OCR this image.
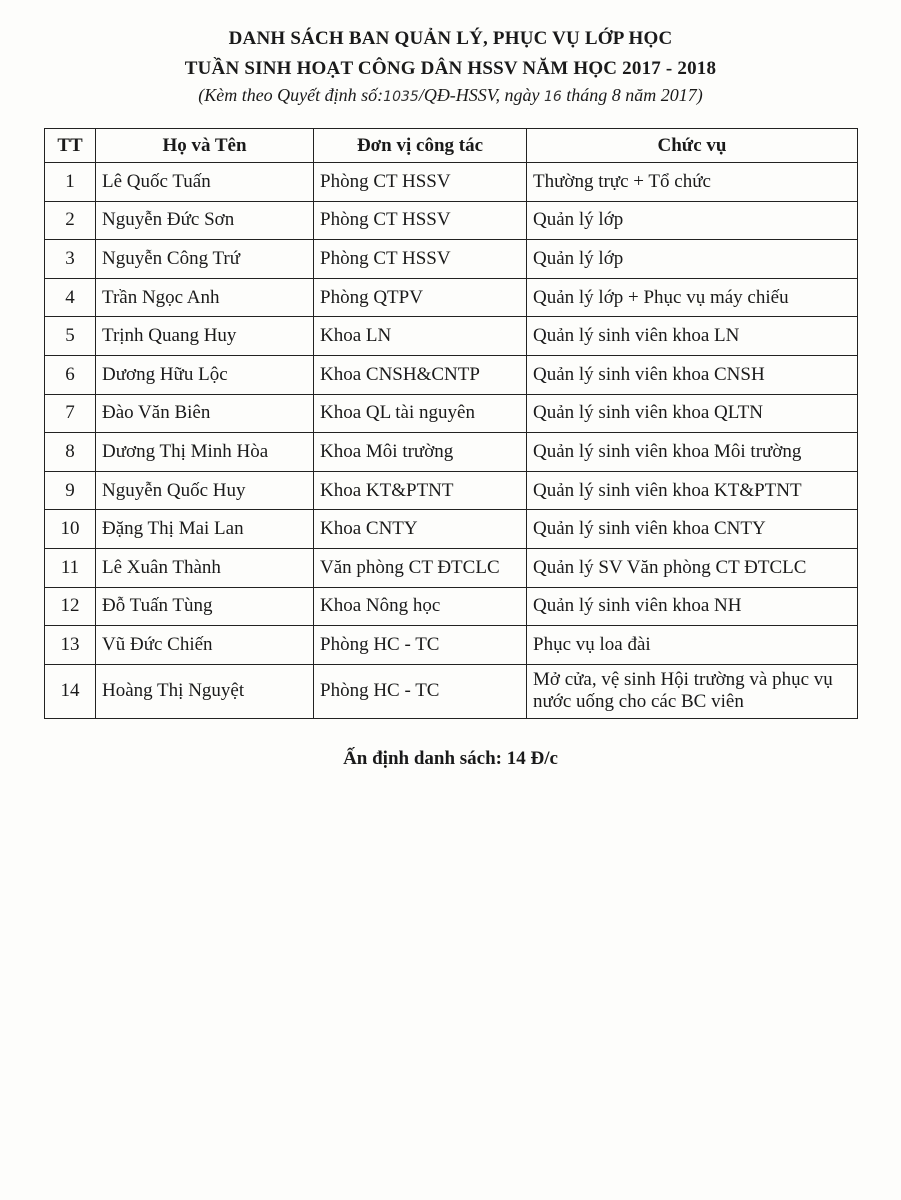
DANH SÁCH BAN QUẢN LÝ, PHỤC VỤ LỚP HỌC
TUẦN SINH HOẠT CÔNG DÂN HSSV NĂM HỌC 2017 - 2018
(Kèm theo Quyết định số:1035/QĐ-HSSV, ngày 16 tháng 8 năm 2017)
TT	Họ và Tên	Đơn vị công tác	Chức vụ
1	Lê Quốc Tuấn	Phòng CT HSSV	Thường trực + Tổ chức
2	Nguyễn Đức Sơn	Phòng CT HSSV	Quản lý lớp
3	Nguyễn Công Trứ	Phòng CT HSSV	Quản lý lớp
4	Trần Ngọc Anh	Phòng QTPV	Quản lý lớp + Phục vụ máy chiếu
5	Trịnh Quang Huy	Khoa LN	Quản lý sinh viên khoa LN
6	Dương Hữu Lộc	Khoa CNSH&CNTP	Quản lý sinh viên khoa CNSH
7	Đào Văn Biên	Khoa QL tài nguyên	Quản lý sinh viên khoa QLTN
8	Dương Thị Minh Hòa	Khoa Môi trường	Quản lý sinh viên khoa Môi trường
9	Nguyễn Quốc Huy	Khoa KT&PTNT	Quản lý sinh viên khoa KT&PTNT
10	Đặng Thị Mai Lan	Khoa CNTY	Quản lý sinh viên khoa CNTY
11	Lê Xuân Thành	Văn phòng CT ĐTCLC	Quản lý SV Văn phòng CT ĐTCLC
12	Đỗ Tuấn Tùng	Khoa Nông học	Quản lý sinh viên khoa NH
13	Vũ Đức Chiến	Phòng HC - TC	Phục vụ loa đài
14	Hoàng Thị Nguyệt	Phòng HC - TC	Mở cửa, vệ sinh Hội trường và phục vụ nước uống cho các BC viên
Ấn định danh sách: 14 Đ/c
